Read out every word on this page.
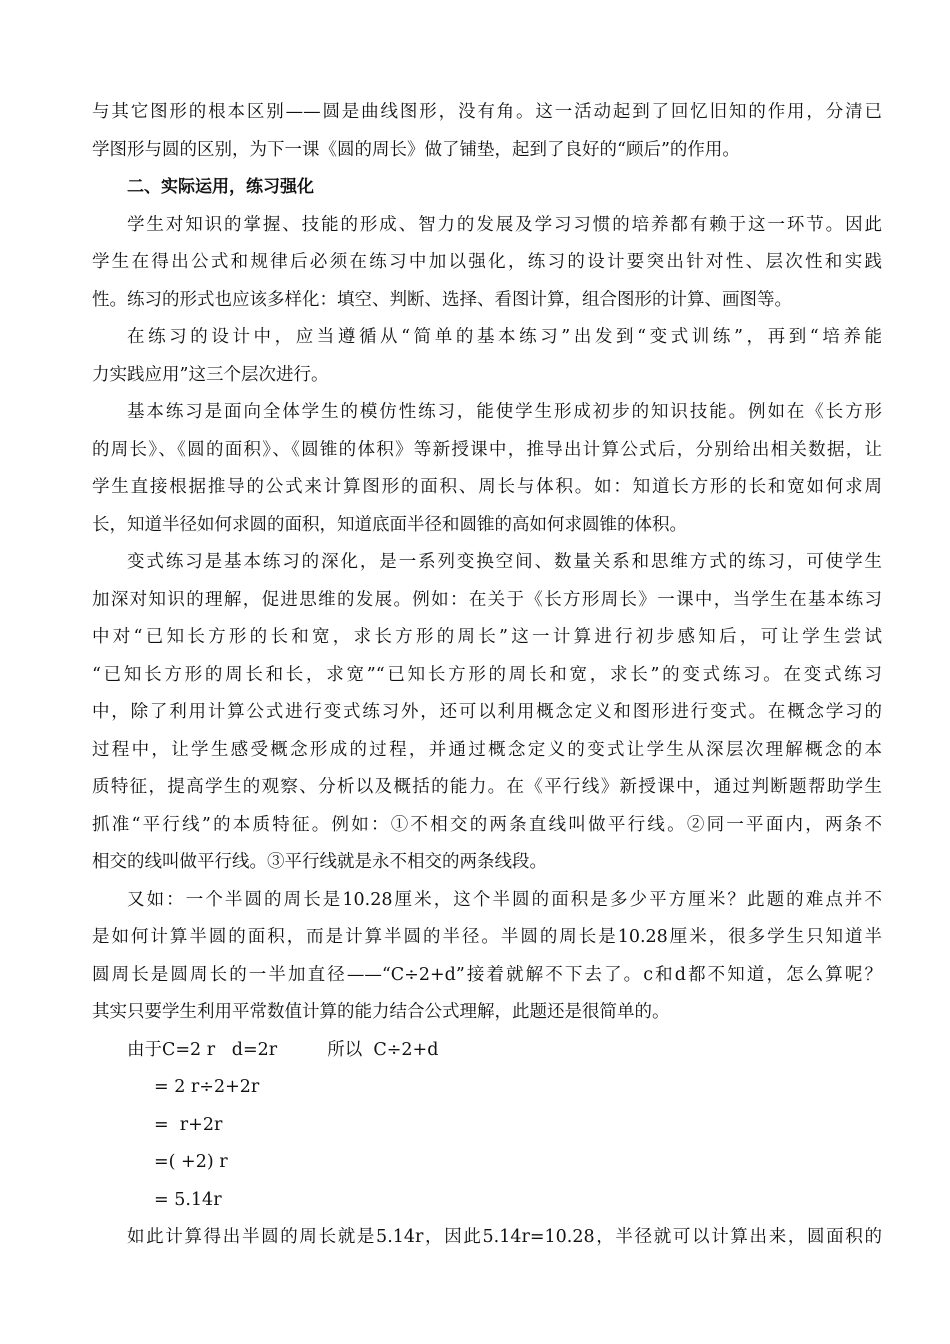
与其它图形的根本区别——圆是曲线图形，没有角。这一活动起到了回忆旧知的作用，分清已
学图形与圆的区别，为下一课《圆的周长》做了铺垫，起到了良好的“顾后”的作用。
二、实际运用，练习强化
学生对知识的掌握、技能的形成、智力的发展及学习习惯的培养都有赖于这一环节。因此
学生在得出公式和规律后必须在练习中加以强化，练习的设计要突出针对性、层次性和实践
性。练习的形式也应该多样化：填空、判断、选择、看图计算，组合图形的计算、画图等。
在练习的设计中，应当遵循从“简单的基本练习”出发到“变式训练”，再到“培养能
力实践应用”这三个层次进行。
基本练习是面向全体学生的模仿性练习，能使学生形成初步的知识技能。例如在《长方形
的周长》、《圆的面积》、《圆锥的体积》等新授课中，推导出计算公式后，分别给出相关数据，让
学生直接根据推导的公式来计算图形的面积、周长与体积。如：知道长方形的长和宽如何求周
长，知道半径如何求圆的面积，知道底面半径和圆锥的高如何求圆锥的体积。
变式练习是基本练习的深化，是一系列变换空间、数量关系和思维方式的练习，可使学生
加深对知识的理解，促进思维的发展。例如：在关于《长方形周长》一课中，当学生在基本练习
中对“已知长方形的长和宽，求长方形的周长”这一计算进行初步感知后，可让学生尝试
“已知长方形的周长和长，求宽”“已知长方形的周长和宽，求长”的变式练习。在变式练习
中，除了利用计算公式进行变式练习外，还可以利用概念定义和图形进行变式。在概念学习的
过程中，让学生感受概念形成的过程，并通过概念定义的变式让学生从深层次理解概念的本
质特征，提高学生的观察、分析以及概括的能力。在《平行线》新授课中，通过判断题帮助学生
抓准“平行线”的本质特征。例如：①不相交的两条直线叫做平行线。②同一平面内，两条不
相交的线叫做平行线。③平行线就是永不相交的两条线段。
又如：一个半圆的周长是10.28厘米，这个半圆的面积是多少平方厘米？此题的难点并不
是如何计算半圆的面积，而是计算半圆的半径。半圆的周长是10.28厘米，很多学生只知道半
圆周长是圆周长的一半加直径——“C÷2+d”接着就解不下去了。c和d都不知道，怎么算呢？
其实只要学生利用平常数值计算的能力结合公式理解，此题还是很简单的。
由于C=2 r   d=2r         所以  C÷2+d
= 2 r÷2+2r
=  r+2r
=( +2) r
= 5.14r
如此计算得出半圆的周长就是5.14r，因此5.14r=10.28，半径就可以计算出来，圆面积的
